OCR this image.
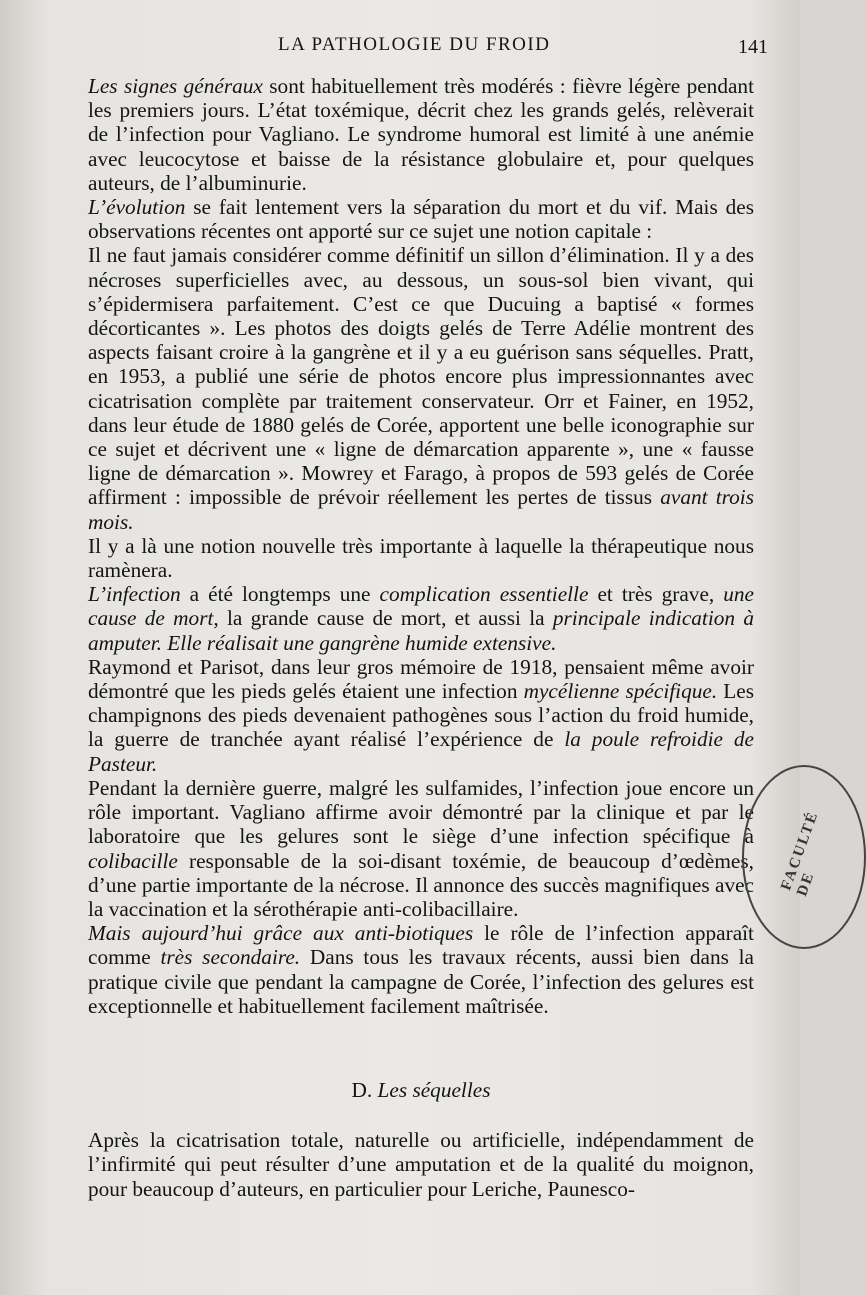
LA PATHOLOGIE DU FROID	141

Les signes généraux sont habituellement très modérés : fièvre légère pendant les premiers jours. L’état toxémique, décrit chez les grands gelés, relèverait de l’infection pour Vagliano. Le syndrome humoral est limité à une anémie avec leucocytose et baisse de la résistance globulaire et, pour quelques auteurs, de l’albuminurie.

L’évolution se fait lentement vers la séparation du mort et du vif. Mais des observations récentes ont apporté sur ce sujet une notion capitale :

Il ne faut jamais considérer comme définitif un sillon d’élimination. Il y a des nécroses superficielles avec, au dessous, un sous-sol bien vivant, qui s’épidermisera parfaitement. C’est ce que Ducuing a baptisé « formes décorticantes ». Les photos des doigts gelés de Terre Adélie montrent des aspects faisant croire à la gangrène et il y a eu guérison sans séquelles. Pratt, en 1953, a publié une série de photos encore plus impressionnantes avec cicatrisation complète par traitement conservateur. Orr et Fainer, en 1952, dans leur étude de 1880 gelés de Corée, apportent une belle iconographie sur ce sujet et décrivent une « ligne de démarcation apparente », une « fausse ligne de démarcation ». Mowrey et Farago, à propos de 593 gelés de Corée affirment : impossible de prévoir réellement les pertes de tissus avant trois mois.

Il y a là une notion nouvelle très importante à laquelle la thérapeutique nous ramènera.

L’infection a été longtemps une complication essentielle et très grave, une cause de mort, la grande cause de mort, et aussi la principale indication à amputer. Elle réalisait une gangrène humide extensive.

Raymond et Parisot, dans leur gros mémoire de 1918, pensaient même avoir démontré que les pieds gelés étaient une infection mycélienne spécifique. Les champignons des pieds devenaient pathogènes sous l’action du froid humide, la guerre de tranchée ayant réalisé l’expérience de la poule refroidie de Pasteur.

Pendant la dernière guerre, malgré les sulfamides, l’infection joue encore un rôle important. Vagliano affirme avoir démontré par la clinique et par le laboratoire que les gelures sont le siège d’une infection spécifique à colibacille responsable de la soi-disant toxémie, de beaucoup d’œdèmes, d’une partie importante de la nécrose. Il annonce des succès magnifiques avec la vaccination et la sérothérapie anti-colibacillaire.

Mais aujourd’hui grâce aux anti-biotiques le rôle de l’infection apparaît comme très secondaire. Dans tous les travaux récents, aussi bien dans la pratique civile que pendant la campagne de Corée, l’infection des gelures est exceptionnelle et habituellement facilement maîtrisée.

D. Les séquelles

Après la cicatrisation totale, naturelle ou artificielle, indépendamment de l’infirmité qui peut résulter d’une amputation et de la qualité du moignon, pour beaucoup d’auteurs, en particulier pour Leriche, Paunesco-

FACULTÉ DE
